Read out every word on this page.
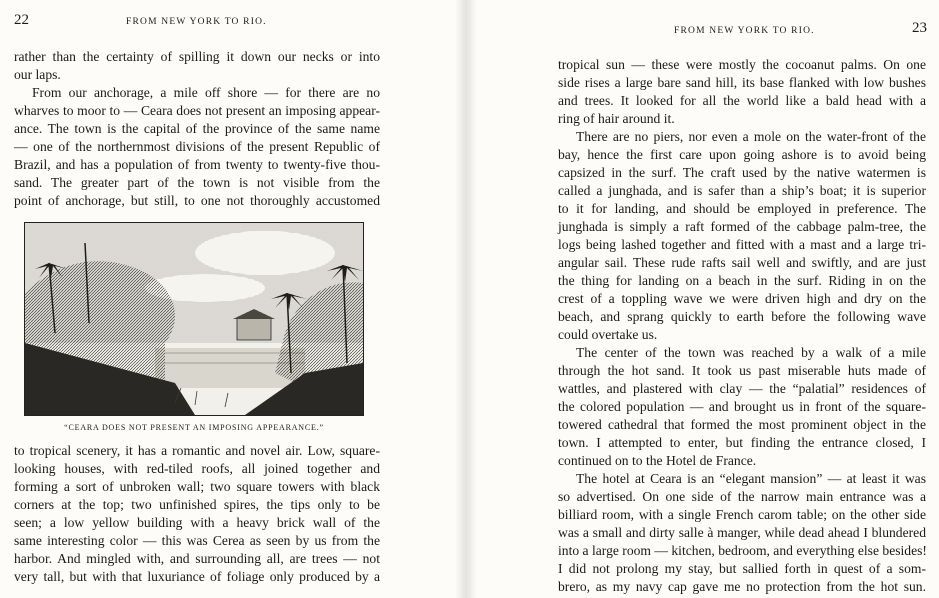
22	FROM NEW YORK TO RIO.
rather than the certainty of spilling it down our necks or into
our laps.
From our anchorage, a mile off shore — for there are no
wharves to moor to — Ceara does not present an imposing appear-
ance. The town is the capital of the province of the same name
— one of the northernmost divisions of the present Republic of
Brazil, and has a population of from twenty to twenty-five thou-
sand. The greater part of the town is not visible from the
point of anchorage, but still, to one not thoroughly accustomed
“CEARA DOES NOT PRESENT AN IMPOSING APPEARANCE.”
to tropical scenery, it has a romantic and novel air. Low, square-
looking houses, with red-tiled roofs, all joined together and
forming a sort of unbroken wall; two square towers with black
corners at the top; two unfinished spires, the tips only to be
seen; a low yellow building with a heavy brick wall of the
same interesting color — this was Cerea as seen by us from the
harbor. And mingled with, and surrounding all, are trees — not
very tall, but with that luxuriance of foliage only produced by a
FROM NEW YORK TO RIO.	23
tropical sun — these were mostly the cocoanut palms. On one
side rises a large bare sand hill, its base flanked with low bushes
and trees. It looked for all the world like a bald head with a
ring of hair around it.
There are no piers, nor even a mole on the water-front of the
bay, hence the first care upon going ashore is to avoid being
capsized in the surf. The craft used by the native watermen is
called a junghada, and is safer than a ship’s boat; it is superior
to it for landing, and should be employed in preference. The
junghada is simply a raft formed of the cabbage palm-tree, the
logs being lashed together and fitted with a mast and a large tri-
angular sail. These rude rafts sail well and swiftly, and are just
the thing for landing on a beach in the surf. Riding in on the
crest of a toppling wave we were driven high and dry on the
beach, and sprang quickly to earth before the following wave
could overtake us.
The center of the town was reached by a walk of a mile
through the hot sand. It took us past miserable huts made of
wattles, and plastered with clay — the “palatial” residences of
the colored population — and brought us in front of the square-
towered cathedral that formed the most prominent object in the
town. I attempted to enter, but finding the entrance closed, I
continued on to the Hotel de France.
The hotel at Ceara is an “elegant mansion” — at least it was
so advertised. On one side of the narrow main entrance was a
billiard room, with a single French carom table; on the other side
was a small and dirty salle à manger, while dead ahead I blundered
into a large room — kitchen, bedroom, and everything else besides!
I did not prolong my stay, but sallied forth in quest of a som-
brero, as my navy cap gave me no protection from the hot sun.
